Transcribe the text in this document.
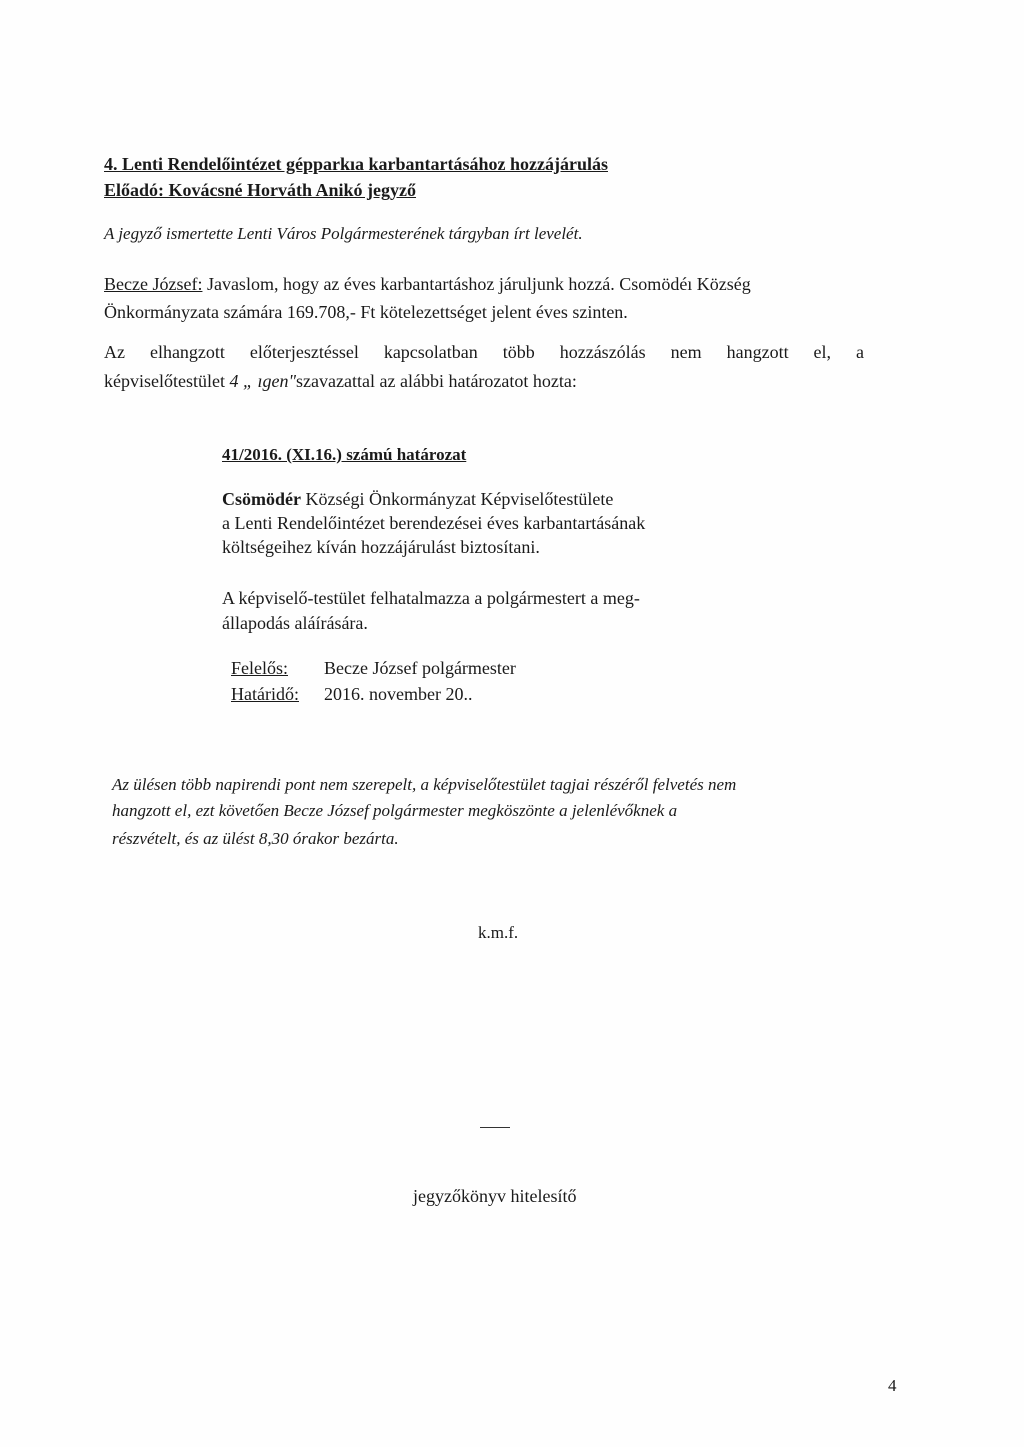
4. Lenti Rendelőintézet gépparkıa karbantartásához hozzájárulás
Előadó: Kovácsné Horváth Anikó jegyző
A jegyző ismertette Lenti Város Polgármesterének tárgyban írt levelét.
Becze József: Javaslom, hogy az éves karbantartáshoz járuljunk hozzá. Csomödéı Község
Önkormányzata számára 169.708,- Ft kötelezettséget jelent éves szinten.
Az elhangzott előterjesztéssel kapcsolatban több hozzászólás nem hangzott el, a
képviselőtestület 4 „ ıgen"szavazattal az alábbi határozatot hozta:
41/2016. (XI.16.) számú határozat
Csömödér Községi Önkormányzat Képviselőtestülete
a Lenti Rendelőintézet berendezései éves karbantartásának
költségeihez kíván hozzájárulást biztosítani.
A képviselő-testület felhatalmazza a polgármestert a meg-
állapodás aláírására.
Felelős: Becze József polgármester
Határidő: 2016. november 20..
Az ülésen több napirendi pont nem szerepelt, a képviselőtestület tagjai részéről felvetés nem
hangzott el, ezt követően Becze József polgármester megköszönte a jelenlévőknek a
részvételt, és az ülést 8,30 órakor bezárta.
k.m.f.
jegyzőkönyv hitelesítő
4
